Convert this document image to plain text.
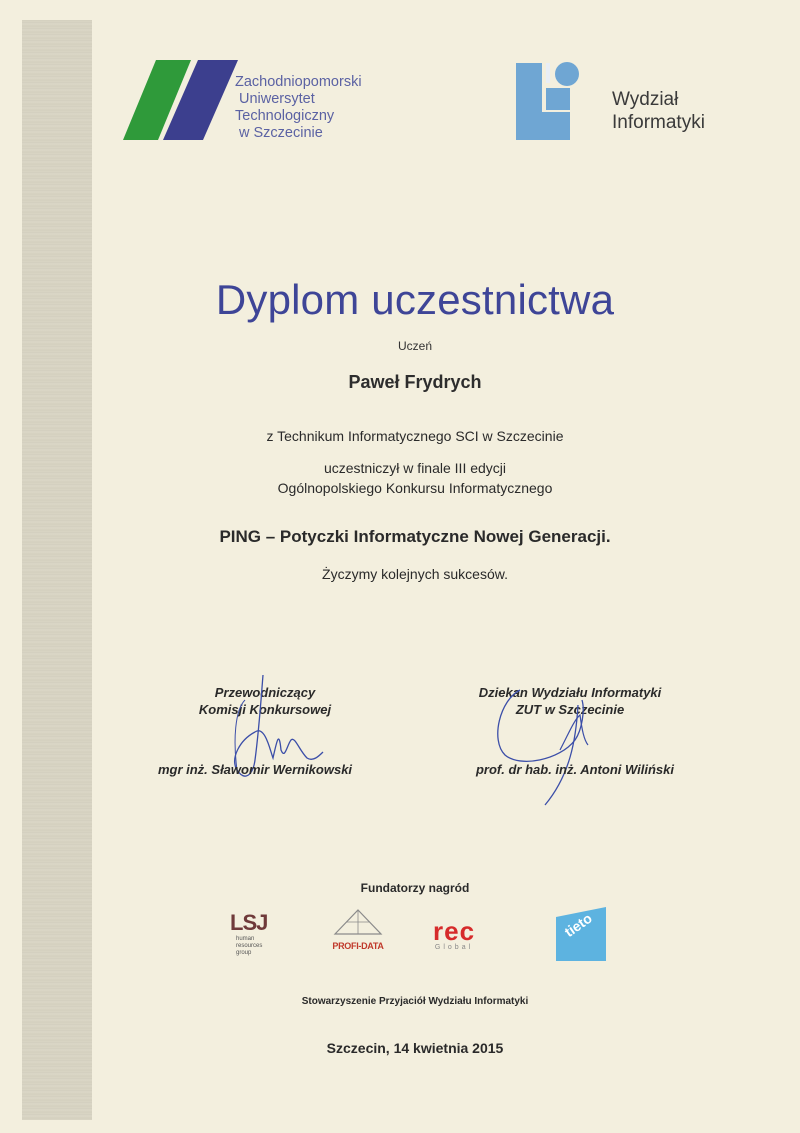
Zachodniopomorski
Uniwersytet
Technologiczny
w Szczecinie
Wydział
Informatyki
Dyplom uczestnictwa
Uczeń
Paweł Frydrych
z Technikum Informatycznego SCI w Szczecinie
uczestniczył w finale III edycji
Ogólnopolskiego Konkursu Informatycznego
PING – Potyczki Informatyczne Nowej Generacji.
Życzymy kolejnych sukcesów.
Przewodniczący
Komisji Konkursowej
mgr inż. Sławomir Wernikowski
Dziekan Wydziału Informatyki
ZUT w Szczecinie
prof. dr hab. inż. Antoni Wiliński
Fundatorzy nagród
LSJ
human
resources
group
PROFI-DATA	rec
Global
tieto
Stowarzyszenie Przyjaciół Wydziału Informatyki
Szczecin, 14 kwietnia 2015
